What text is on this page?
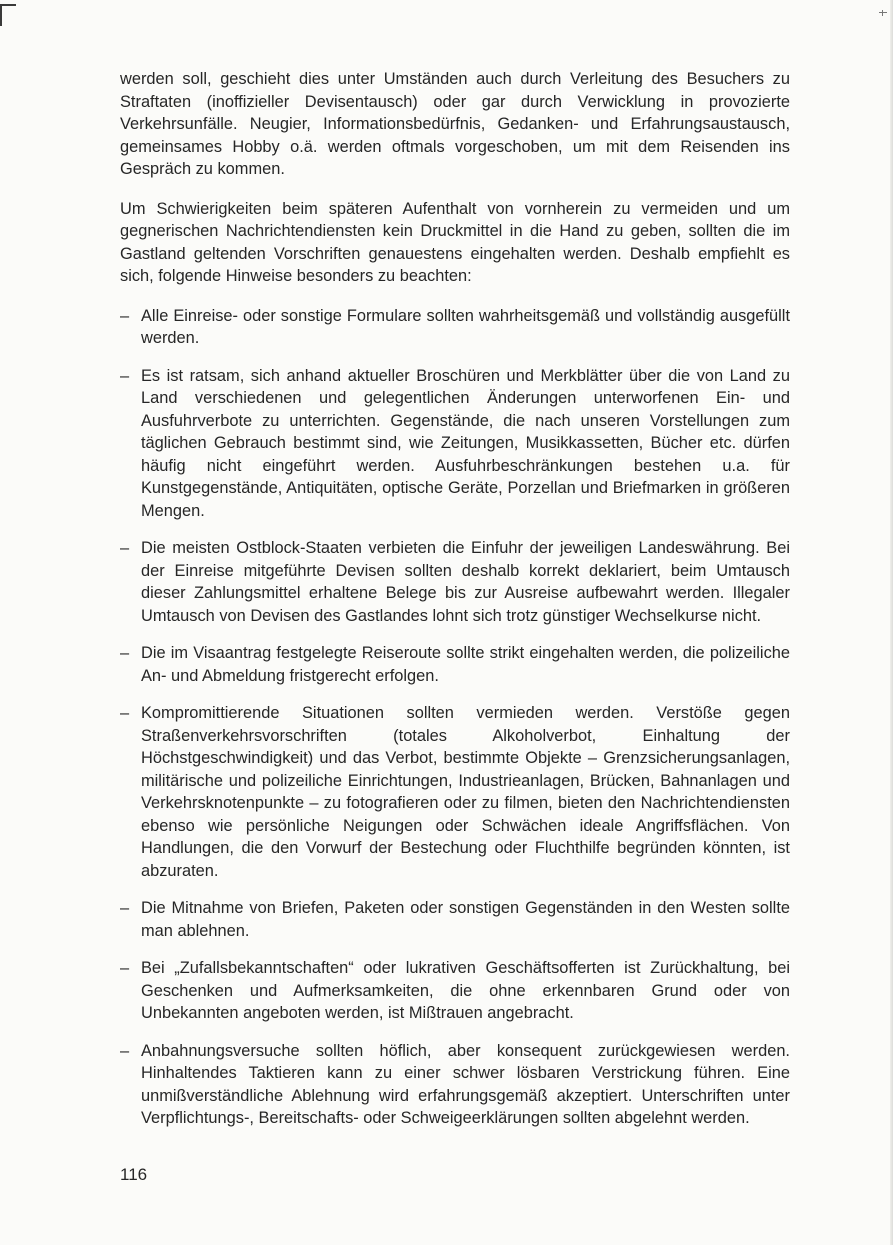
werden soll, geschieht dies unter Umständen auch durch Verleitung des Besuchers zu Straftaten (inoffizieller Devisentausch) oder gar durch Verwicklung in provozierte Verkehrsunfälle. Neugier, Informationsbedürfnis, Gedanken- und Erfahrungsaustausch, gemeinsames Hobby o.ä. werden oftmals vorgeschoben, um mit dem Reisenden ins Gespräch zu kommen.

Um Schwierigkeiten beim späteren Aufenthalt von vornherein zu vermeiden und um gegnerischen Nachrichtendiensten kein Druckmittel in die Hand zu geben, sollten die im Gastland geltenden Vorschriften genauestens eingehalten werden. Deshalb empfiehlt es sich, folgende Hinweise besonders zu beachten:

– Alle Einreise- oder sonstige Formulare sollten wahrheitsgemäß und vollständig ausgefüllt werden.
– Es ist ratsam, sich anhand aktueller Broschüren und Merkblätter über die von Land zu Land verschiedenen und gelegentlichen Änderungen unterworfenen Ein- und Ausfuhrverbote zu unterrichten. Gegenstände, die nach unseren Vorstellungen zum täglichen Gebrauch bestimmt sind, wie Zeitungen, Musikkassetten, Bücher etc. dürfen häufig nicht eingeführt werden. Ausfuhrbeschränkungen bestehen u.a. für Kunstgegenstände, Antiquitäten, optische Geräte, Porzellan und Briefmarken in größeren Mengen.
– Die meisten Ostblock-Staaten verbieten die Einfuhr der jeweiligen Landeswährung. Bei der Einreise mitgeführte Devisen sollten deshalb korrekt deklariert, beim Umtausch dieser Zahlungsmittel erhaltene Belege bis zur Ausreise aufbewahrt werden. Illegaler Umtausch von Devisen des Gastlandes lohnt sich trotz günstiger Wechselkurse nicht.
– Die im Visaantrag festgelegte Reiseroute sollte strikt eingehalten werden, die polizeiliche An- und Abmeldung fristgerecht erfolgen.
– Kompromittierende Situationen sollten vermieden werden. Verstöße gegen Straßenverkehrsvorschriften (totales Alkoholverbot, Einhaltung der Höchstgeschwindigkeit) und das Verbot, bestimmte Objekte – Grenzsicherungsanlagen, militärische und polizeiliche Einrichtungen, Industrieanlagen, Brücken, Bahnanlagen und Verkehrsknotenpunkte – zu fotografieren oder zu filmen, bieten den Nachrichtendiensten ebenso wie persönliche Neigungen oder Schwächen ideale Angriffsflächen. Von Handlungen, die den Vorwurf der Bestechung oder Fluchthilfe begründen könnten, ist abzuraten.
– Die Mitnahme von Briefen, Paketen oder sonstigen Gegenständen in den Westen sollte man ablehnen.
– Bei „Zufallsbekanntschaften“ oder lukrativen Geschäftsofferten ist Zurückhaltung, bei Geschenken und Aufmerksamkeiten, die ohne erkennbaren Grund oder von Unbekannten angeboten werden, ist Mißtrauen angebracht.
– Anbahnungsversuche sollten höflich, aber konsequent zurückgewiesen werden. Hinhaltendes Taktieren kann zu einer schwer lösbaren Verstrickung führen. Eine unmißverständliche Ablehnung wird erfahrungsgemäß akzeptiert. Unterschriften unter Verpflichtungs-, Bereitschafts- oder Schweigeerklärungen sollten abgelehnt werden.
116
